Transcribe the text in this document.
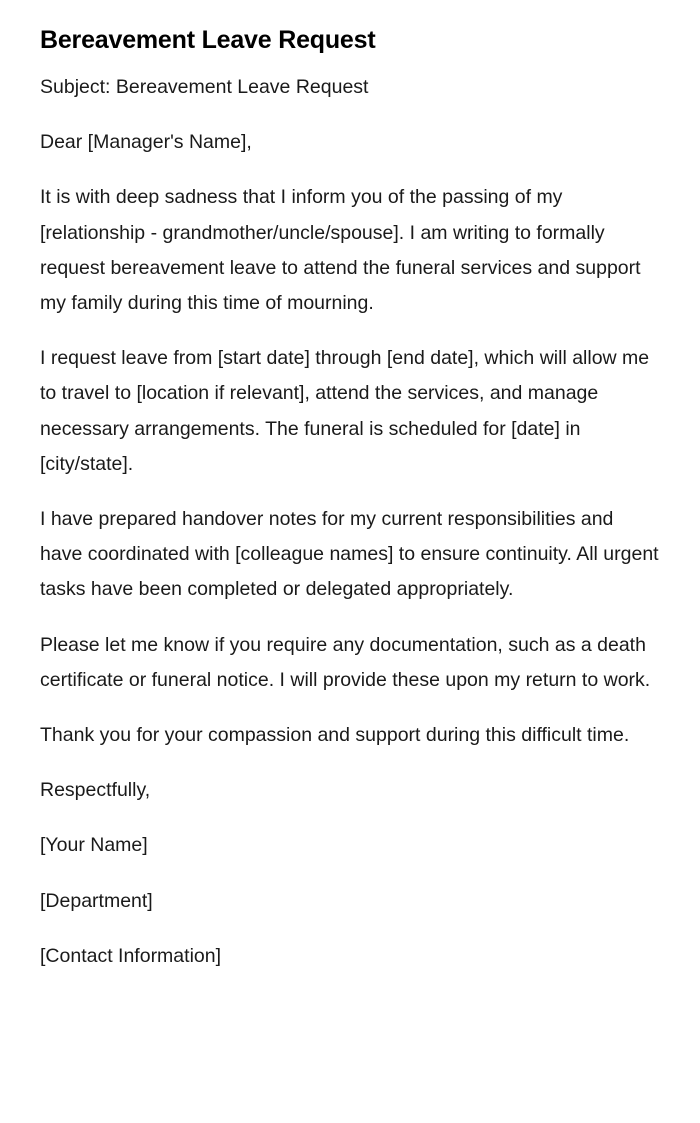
Bereavement Leave Request

Subject: Bereavement Leave Request

Dear [Manager's Name],

It is with deep sadness that I inform you of the passing of my [relationship - grandmother/uncle/spouse]. I am writing to formally request bereavement leave to attend the funeral services and support my family during this time of mourning.

I request leave from [start date] through [end date], which will allow me to travel to [location if relevant], attend the services, and manage necessary arrangements. The funeral is scheduled for [date] in [city/state].

I have prepared handover notes for my current responsibilities and have coordinated with [colleague names] to ensure continuity. All urgent tasks have been completed or delegated appropriately.

Please let me know if you require any documentation, such as a death certificate or funeral notice. I will provide these upon my return to work.

Thank you for your compassion and support during this difficult time.

Respectfully,

[Your Name]

[Department]

[Contact Information]
